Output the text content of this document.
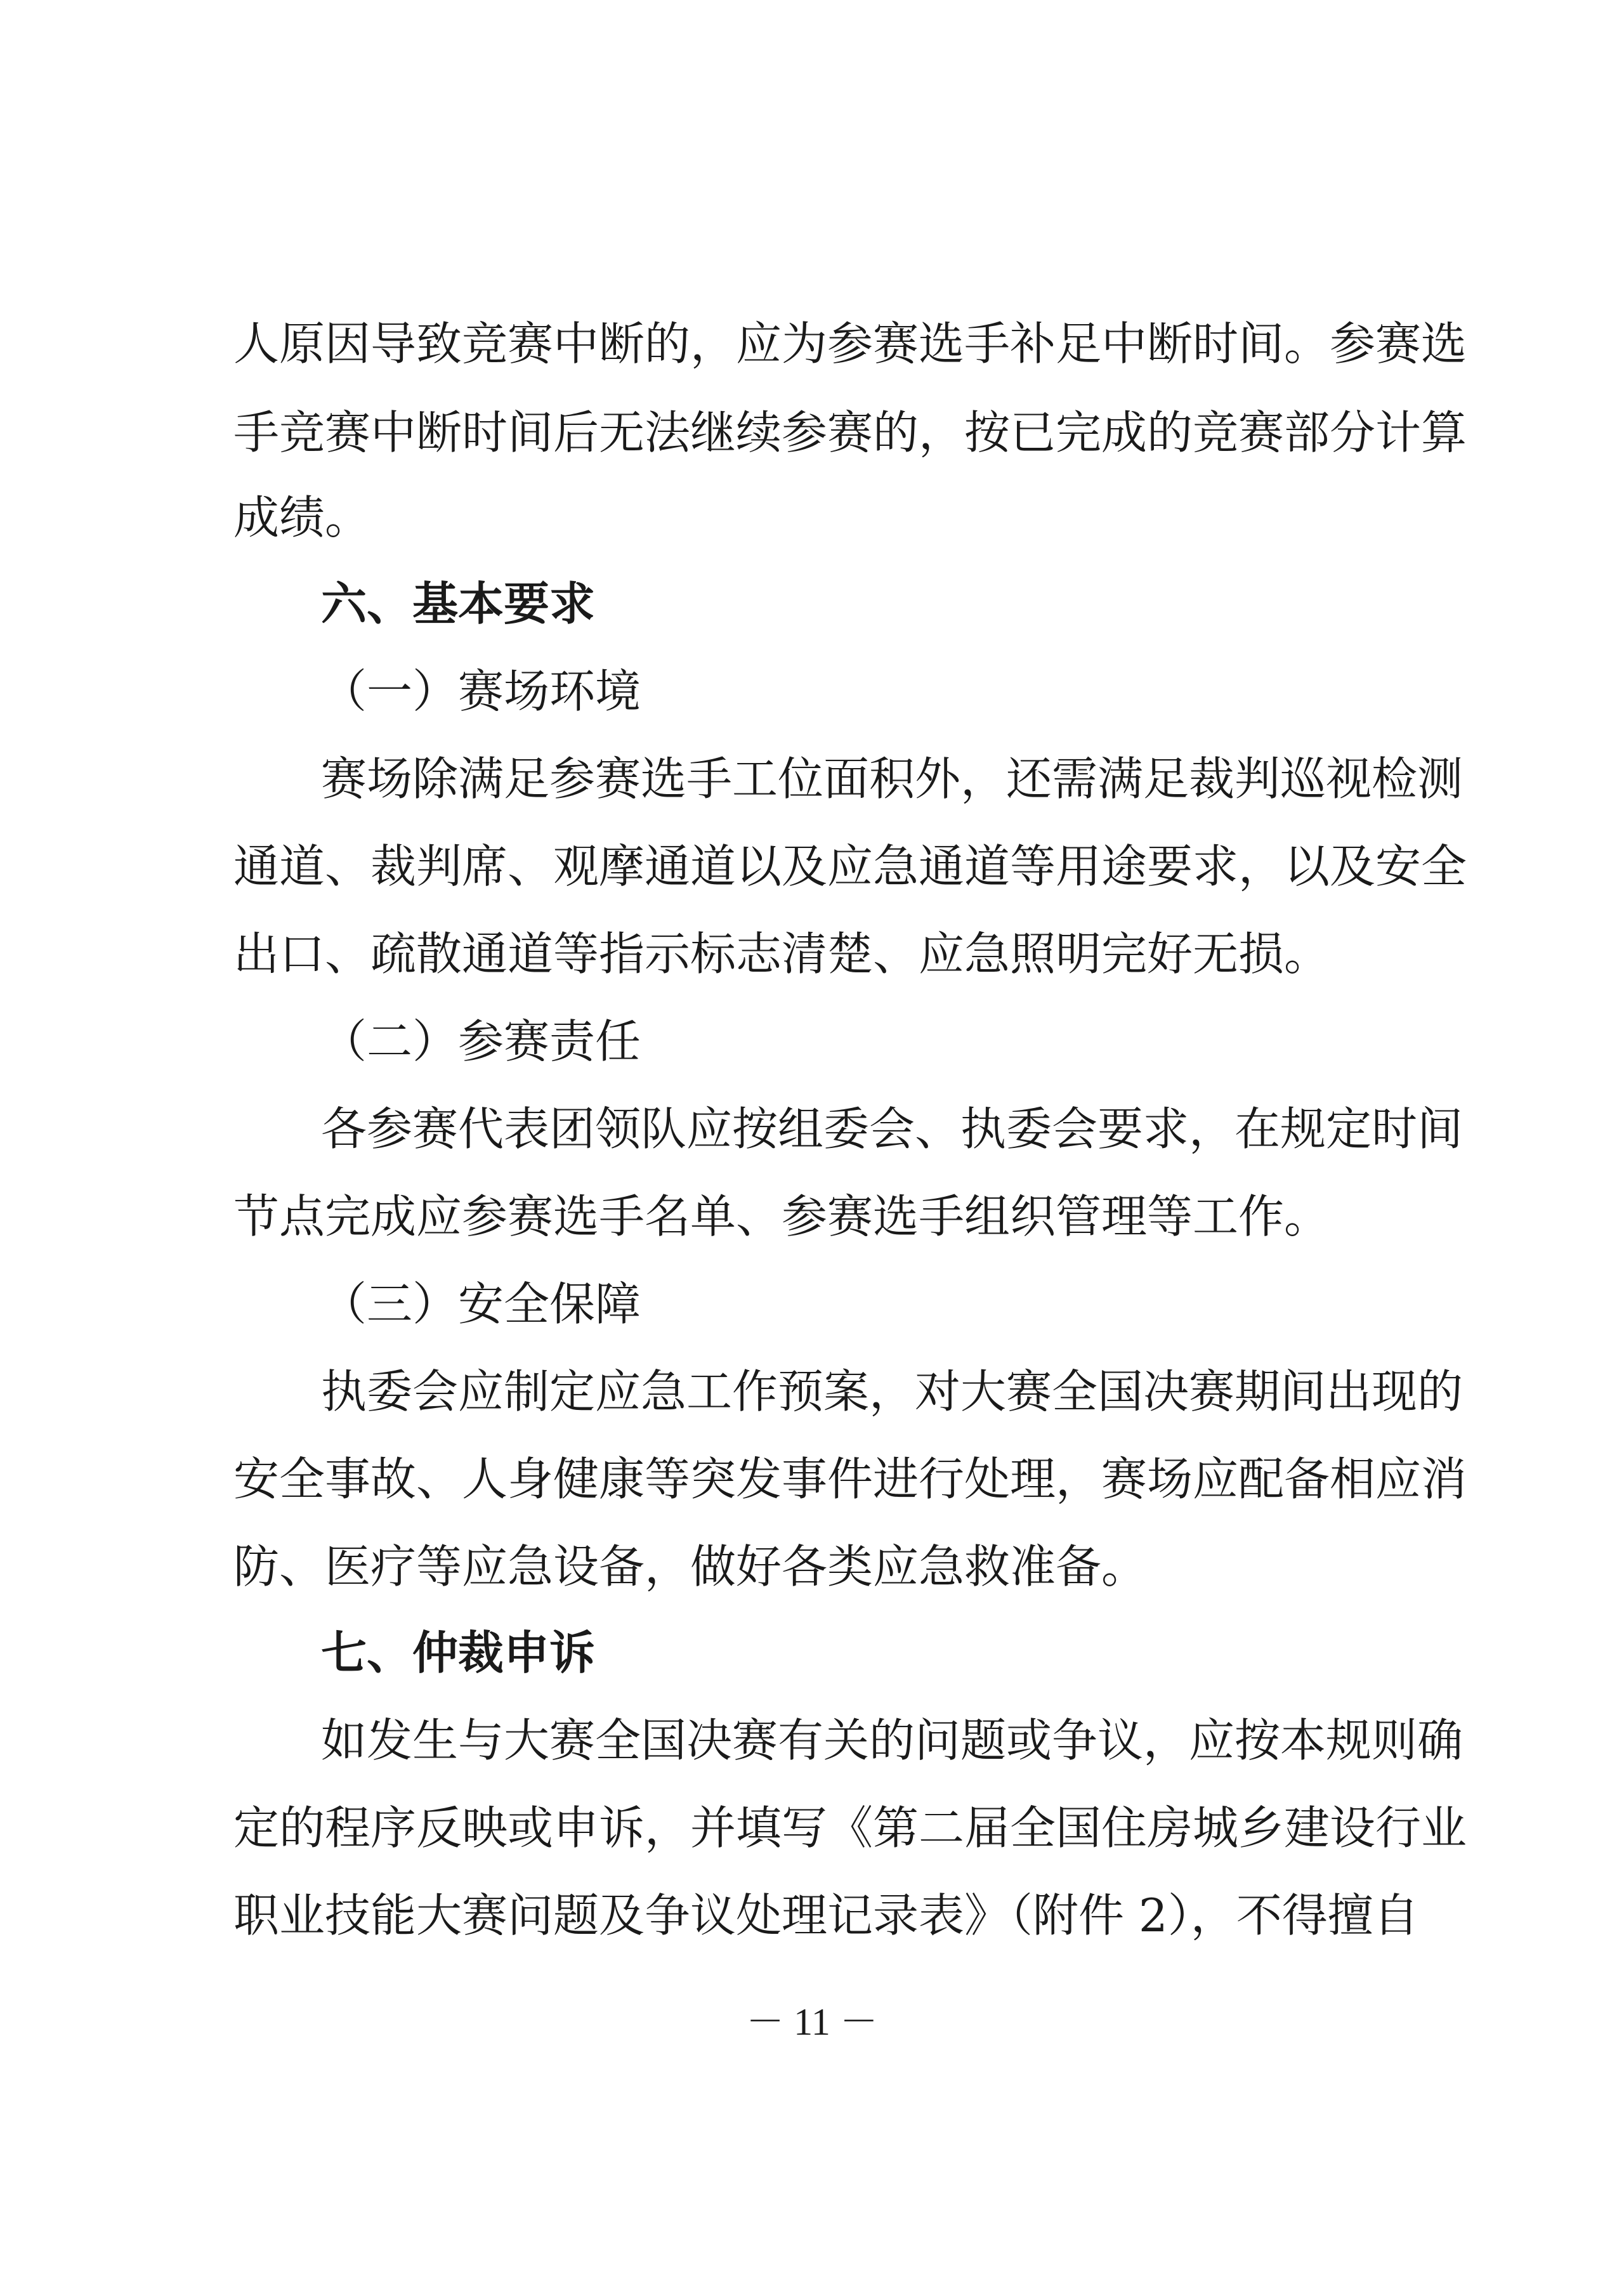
人原因导致竞赛中断的，应为参赛选手补足中断时间。参赛选
手竞赛中断时间后无法继续参赛的，按已完成的竞赛部分计算
成绩。
六、基本要求
（一）赛场环境
赛场除满足参赛选手工位面积外，还需满足裁判巡视检测
通道、裁判席、观摩通道以及应急通道等用途要求，以及安全
出口、疏散通道等指示标志清楚、应急照明完好无损。
（二）参赛责任
各参赛代表团领队应按组委会、执委会要求，在规定时间
节点完成应参赛选手名单、参赛选手组织管理等工作。
（三）安全保障
执委会应制定应急工作预案，对大赛全国决赛期间出现的
安全事故、人身健康等突发事件进行处理，赛场应配备相应消
防、医疗等应急设备，做好各类应急救准备。
七、仲裁申诉
如发生与大赛全国决赛有关的问题或争议，应按本规则确
定的程序反映或申诉，并填写《第二届全国住房城乡建设行业
职业技能大赛问题及争议处理记录表》（附件 2），不得擅自
－ 11 －
